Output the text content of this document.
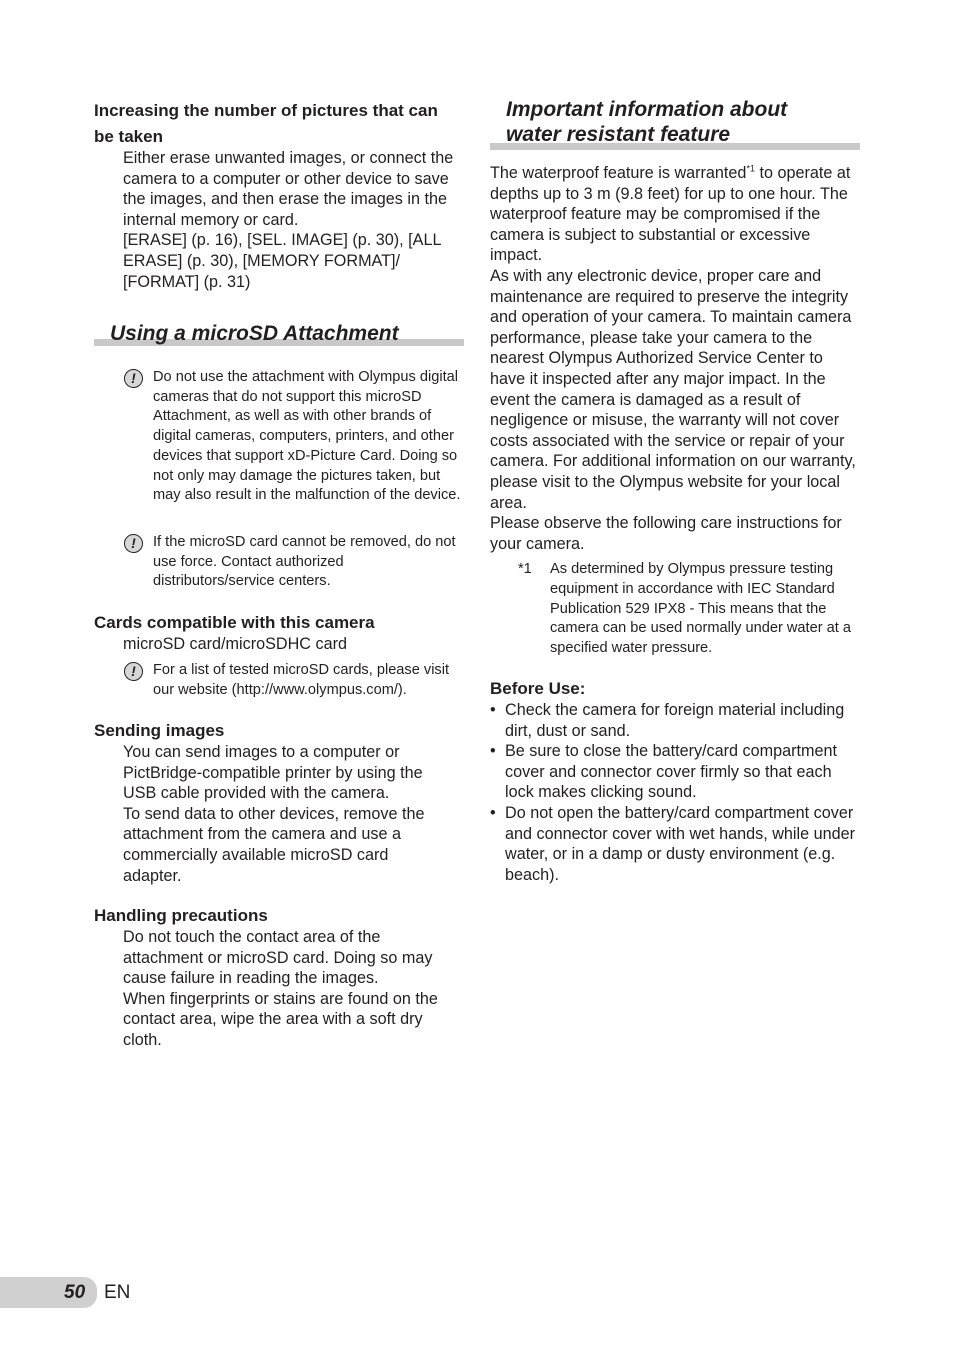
Increasing the number of pictures that can be taken

Either erase unwanted images, or connect the camera to a computer or other device to save the images, and then erase the images in the internal memory or card.

[ERASE] (p. 16), [SEL. IMAGE] (p. 30), [ALL ERASE] (p. 30), [MEMORY FORMAT]/ [FORMAT] (p. 31)

Using a microSD Attachment
!	Do not use the attachment with Olympus digital cameras that do not support this microSD Attachment, as well as with other brands of digital cameras, computers, printers, and other devices that support xD-Picture Card. Doing so not only may damage the pictures taken, but may also result in the malfunction of the device.
!	If the microSD card cannot be removed, do not use force. Contact authorized distributors/service centers.

Cards compatible with this camera

microSD card/microSDHC card

!	For a list of tested microSD cards, please visit our website (http://www.olympus.com/).

Sending images

You can send images to a computer or PictBridge-compatible printer by using the USB cable provided with the camera.

To send data to other devices, remove the attachment from the camera and use a commercially available microSD card adapter.

Handling precautions

Do not touch the contact area of the attachment or microSD card. Doing so may cause failure in reading the images.

When fingerprints or stains are found on the contact area, wipe the area with a soft dry cloth.

Important information about
water resistant feature

The waterproof feature is warranted$^{*1}$ to operate at depths up to 3 m (9.8 feet) for up to one hour. The waterproof feature may be compromised if the camera is subject to substantial or excessive impact.

As with any electronic device, proper care and maintenance are required to preserve the integrity and operation of your camera. To maintain camera performance, please take your camera to the nearest Olympus Authorized Service Center to have it inspected after any major impact. In the event the camera is damaged as a result of negligence or misuse, the warranty will not cover costs associated with the service or repair of your camera. For additional information on our warranty, please visit to the Olympus website for your local area.

Please observe the following care instructions for your camera.

*1 As determined by Olympus pressure testing equipment in accordance with IEC Standard Publication 529 IPX8 - This means that the camera can be used normally under water at a specified water pressure.

Before Use:

• Check the camera for foreign material including dirt, dust or sand.
• Be sure to close the battery/card compartment cover and connector cover firmly so that each lock makes clicking sound.
• Do not open the battery/card compartment cover and connector cover with wet hands, while under water, or in a damp or dusty environment (e.g. beach).
50 EN
